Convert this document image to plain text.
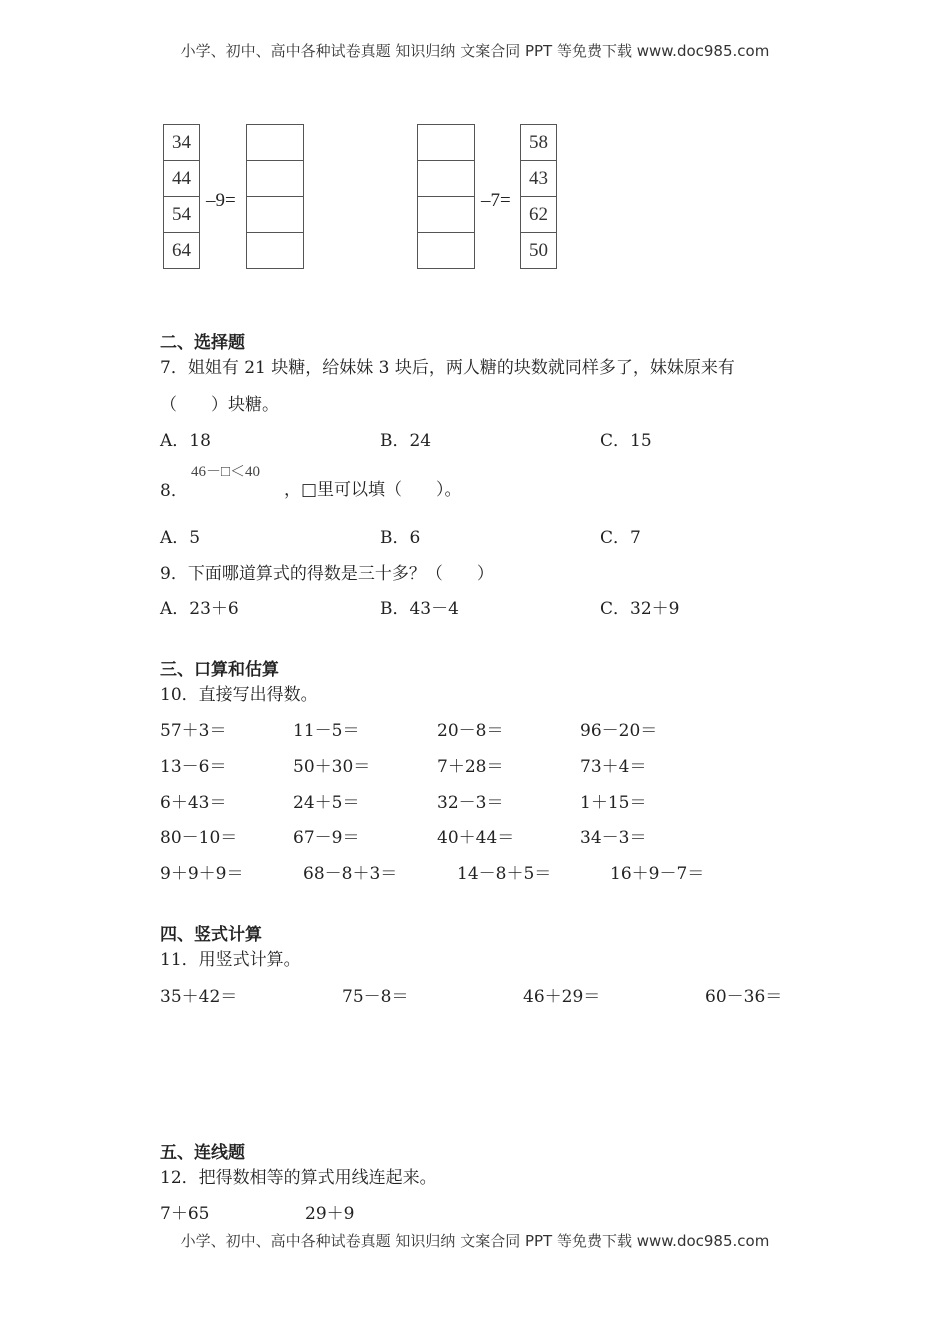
小学、初中、高中各种试卷真题 知识归纳 文案合同 PPT 等免费下载 www.doc985.com
34
44
54
64
–9=	–7=
58
43
62
50
二、选择题
7．姐姐有 21 块糖，给妹妹 3 块后，两人糖的块数就同样多了，妹妹原来有
（　　）块糖。
A．18	B．24	C．15
8．
46－□＜40
，□里可以填（　　）。
A．5	B．6	C．7
9．下面哪道算式的得数是三十多？（　　）
A．23＋6	B．43－4	C．32＋9
三、口算和估算
10．直接写出得数。
57＋3＝	11－5＝	20－8＝	96－20＝
13－6＝	50＋30＝	7＋28＝	73＋4＝
6＋43＝	24＋5＝	32－3＝	1＋15＝
80－10＝	67－9＝	40＋44＝	34－3＝
9＋9＋9＝	68－8＋3＝	14－8＋5＝	16＋9－7＝
四、竖式计算
11．用竖式计算。
35＋42＝	75－8＝	46＋29＝	60－36＝
五、连线题
12．把得数相等的算式用线连起来。
7＋65	29＋9
小学、初中、高中各种试卷真题 知识归纳 文案合同 PPT 等免费下载 www.doc985.com
